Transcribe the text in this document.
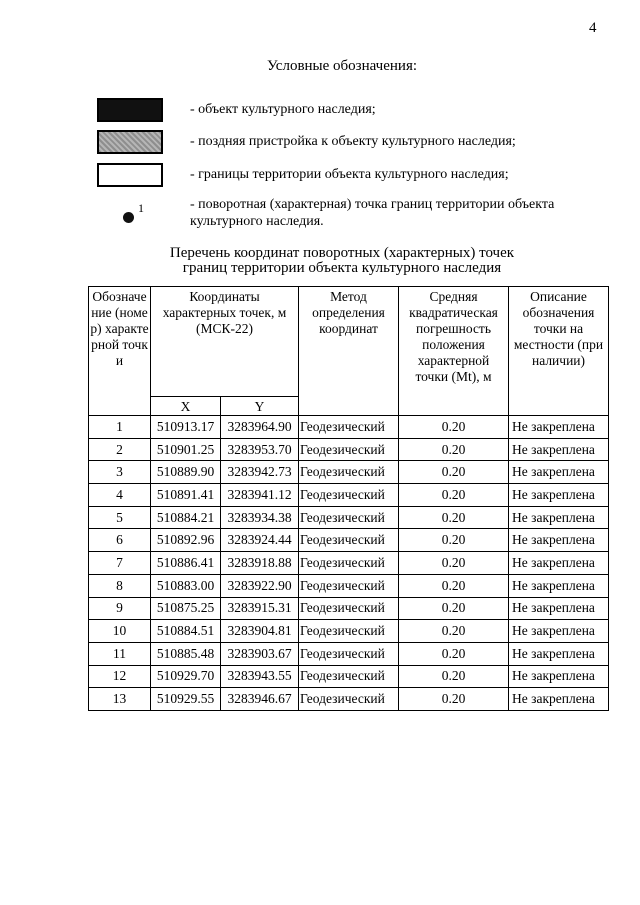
4
Условные обозначения:
- объект культурного наследия;
- поздняя пристройка к объекту культурного наследия;
- границы территории объекта культурного наследия;
1	- поворотная (характерная) точка границ территории объекта
культурного наследия.
Перечень координат поворотных (характерных) точек
границ территории объекта культурного наследия
Обозначение (номер) характерной точки	Координаты характерных точек, м (МСК-22)		Метод определения координат	Средняя квадратическая погрешность положения характерной точки (Mt), м	Описание обозначения точки на местности (при наличии)
	X	Y			
1	510913.17	3283964.90	Геодезический	0.20	Не закреплена
2	510901.25	3283953.70	Геодезический	0.20	Не закреплена
3	510889.90	3283942.73	Геодезический	0.20	Не закреплена
4	510891.41	3283941.12	Геодезический	0.20	Не закреплена
5	510884.21	3283934.38	Геодезический	0.20	Не закреплена
6	510892.96	3283924.44	Геодезический	0.20	Не закреплена
7	510886.41	3283918.88	Геодезический	0.20	Не закреплена
8	510883.00	3283922.90	Геодезический	0.20	Не закреплена
9	510875.25	3283915.31	Геодезический	0.20	Не закреплена
10	510884.51	3283904.81	Геодезический	0.20	Не закреплена
11	510885.48	3283903.67	Геодезический	0.20	Не закреплена
12	510929.70	3283943.55	Геодезический	0.20	Не закреплена
13	510929.55	3283946.67	Геодезический	0.20	Не закреплена
